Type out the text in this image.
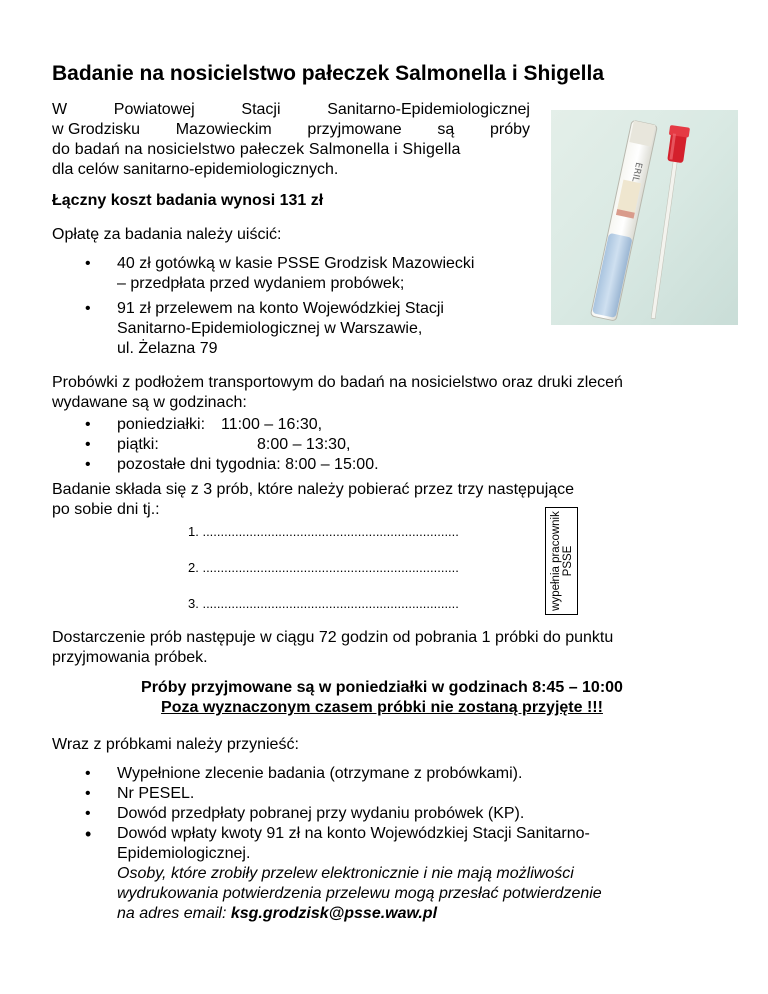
Badanie na nosicielstwo pałeczek Salmonella i Shigella
W	Powiatowej	Stacji	Sanitarno-Epidemiologicznej
w Grodzisku Mazowieckim przyjmowane są próby
do badań na nosicielstwo pałeczek Salmonella i Shigella
dla celów sanitarno-epidemiologicznych.	ERIL
Łączny koszt badania wynosi 131 zł
Opłatę za badania należy uiścić:
• 40 zł gotówką w kasie PSSE Grodzisk Mazowiecki
– przedpłata przed wydaniem probówek;
• 91 zł przelewem na konto Wojewódzkiej Stacji
Sanitarno-Epidemiologicznej w Warszawie,
ul. Żelazna 79
Probówki z podłożem transportowym do badań na nosicielstwo oraz druki zleceń
wydawane są w godzinach:
• poniedziałki: 11:00 – 16:30,
• piątki:	8:00 – 13:30,
• pozostałe dni tygodnia: 8:00 – 15:00.
Badanie składa się z 3 prób, które należy pobierać przez trzy następujące
po sobie dni tj.:
1. .......................................................................
2. .......................................................................
3. .......................................................................	wypełnia pracownik PSSE
Dostarczenie prób następuje w ciągu 72 godzin od pobrania 1 próbki do punktu
przyjmowania próbek.
Próby przyjmowane są w poniedziałki w godzinach 8:45 – 10:00
Poza wyznaczonym czasem próbki nie zostaną przyjęte !!!
Wraz z próbkami należy przynieść:
• Wypełnione zlecenie badania (otrzymane z probówkami).
• Nr PESEL.
• Dowód przedpłaty pobranej przy wydaniu probówek (KP).
• Dowód wpłaty kwoty 91 zł na konto Wojewódzkiej Stacji Sanitarno-
Epidemiologicznej.
Osoby, które zrobiły przelew elektronicznie i nie mają możliwości
wydrukowania potwierdzenia przelewu mogą przesłać potwierdzenie
na adres email: ksg.grodzisk@psse.waw.pl
